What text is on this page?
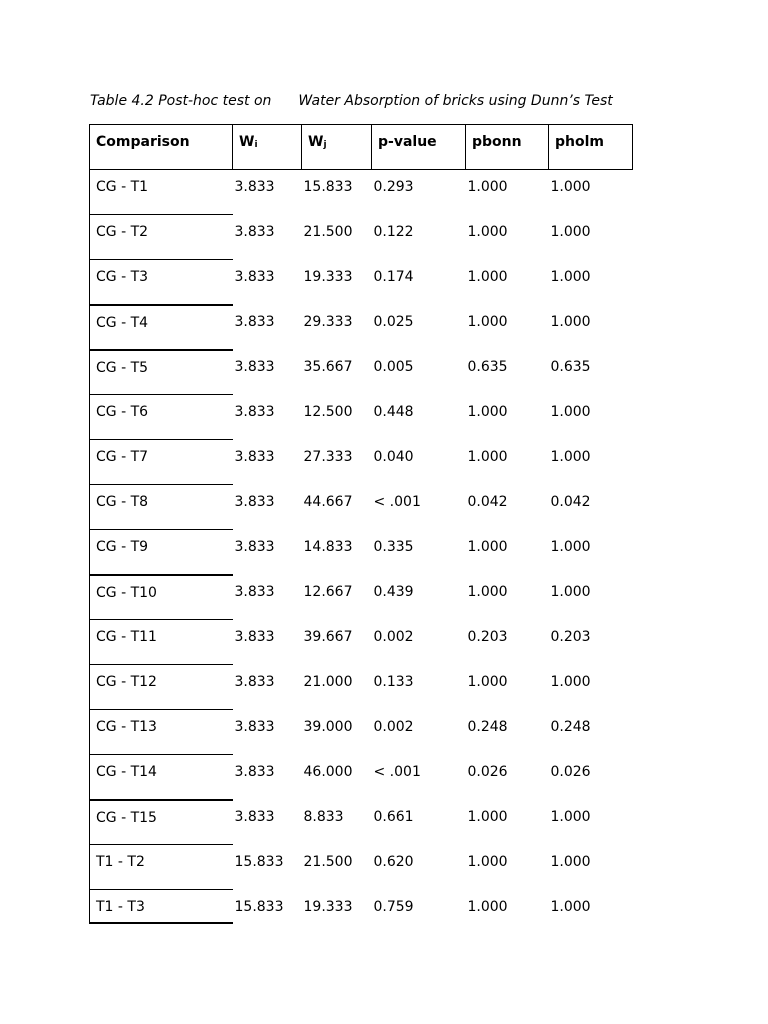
Table 4.2 Post-hoc test on Water Absorption of bricks using Dunn’s Test

Comparison	$W_i$	$W_j$	p-value	pbonn	pholm
CG - T1	3.833	15.833	0.293	1.000	1.000
CG - T2	3.833	21.500	0.122	1.000	1.000
CG - T3	3.833	19.333	0.174	1.000	1.000
CG - T4	3.833	29.333	0.025	1.000	1.000
CG - T5	3.833	35.667	0.005	0.635	0.635
CG - T6	3.833	12.500	0.448	1.000	1.000
CG - T7	3.833	27.333	0.040	1.000	1.000
CG - T8	3.833	44.667	< .001	0.042	0.042
CG - T9	3.833	14.833	0.335	1.000	1.000
CG - T10	3.833	12.667	0.439	1.000	1.000
CG - T11	3.833	39.667	0.002	0.203	0.203
CG - T12	3.833	21.000	0.133	1.000	1.000
CG - T13	3.833	39.000	0.002	0.248	0.248
CG - T14	3.833	46.000	< .001	0.026	0.026
CG - T15	3.833	8.833	0.661	1.000	1.000
T1 - T2	15.833	21.500	0.620	1.000	1.000
T1 - T3	15.833	19.333	0.759	1.000	1.000
